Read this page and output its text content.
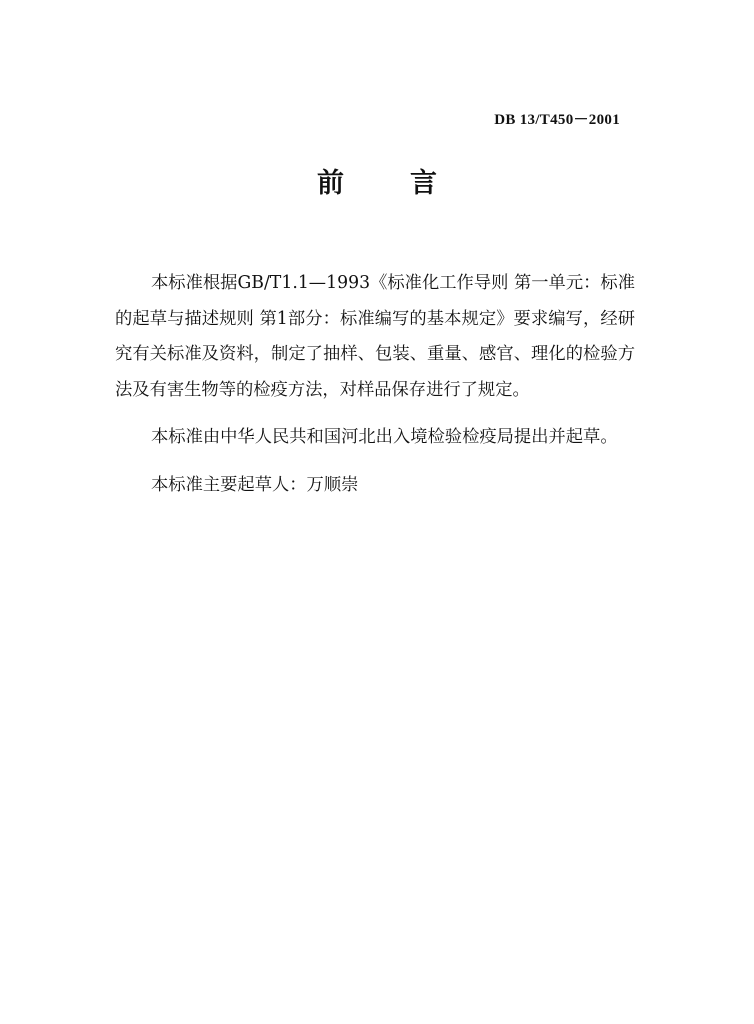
DB 13/T450－2001
前言

本标准根据GB/T1.1—1993《标准化工作导则 第一单元：标准的起草与描述规则 第1部分：标准编写的基本规定》要求编写，经研究有关标准及资料，制定了抽样、包装、重量、感官、理化的检验方法及有害生物等的检疫方法，对样品保存进行了规定。

本标准由中华人民共和国河北出入境检验检疫局提出并起草。

本标准主要起草人：万顺崇
